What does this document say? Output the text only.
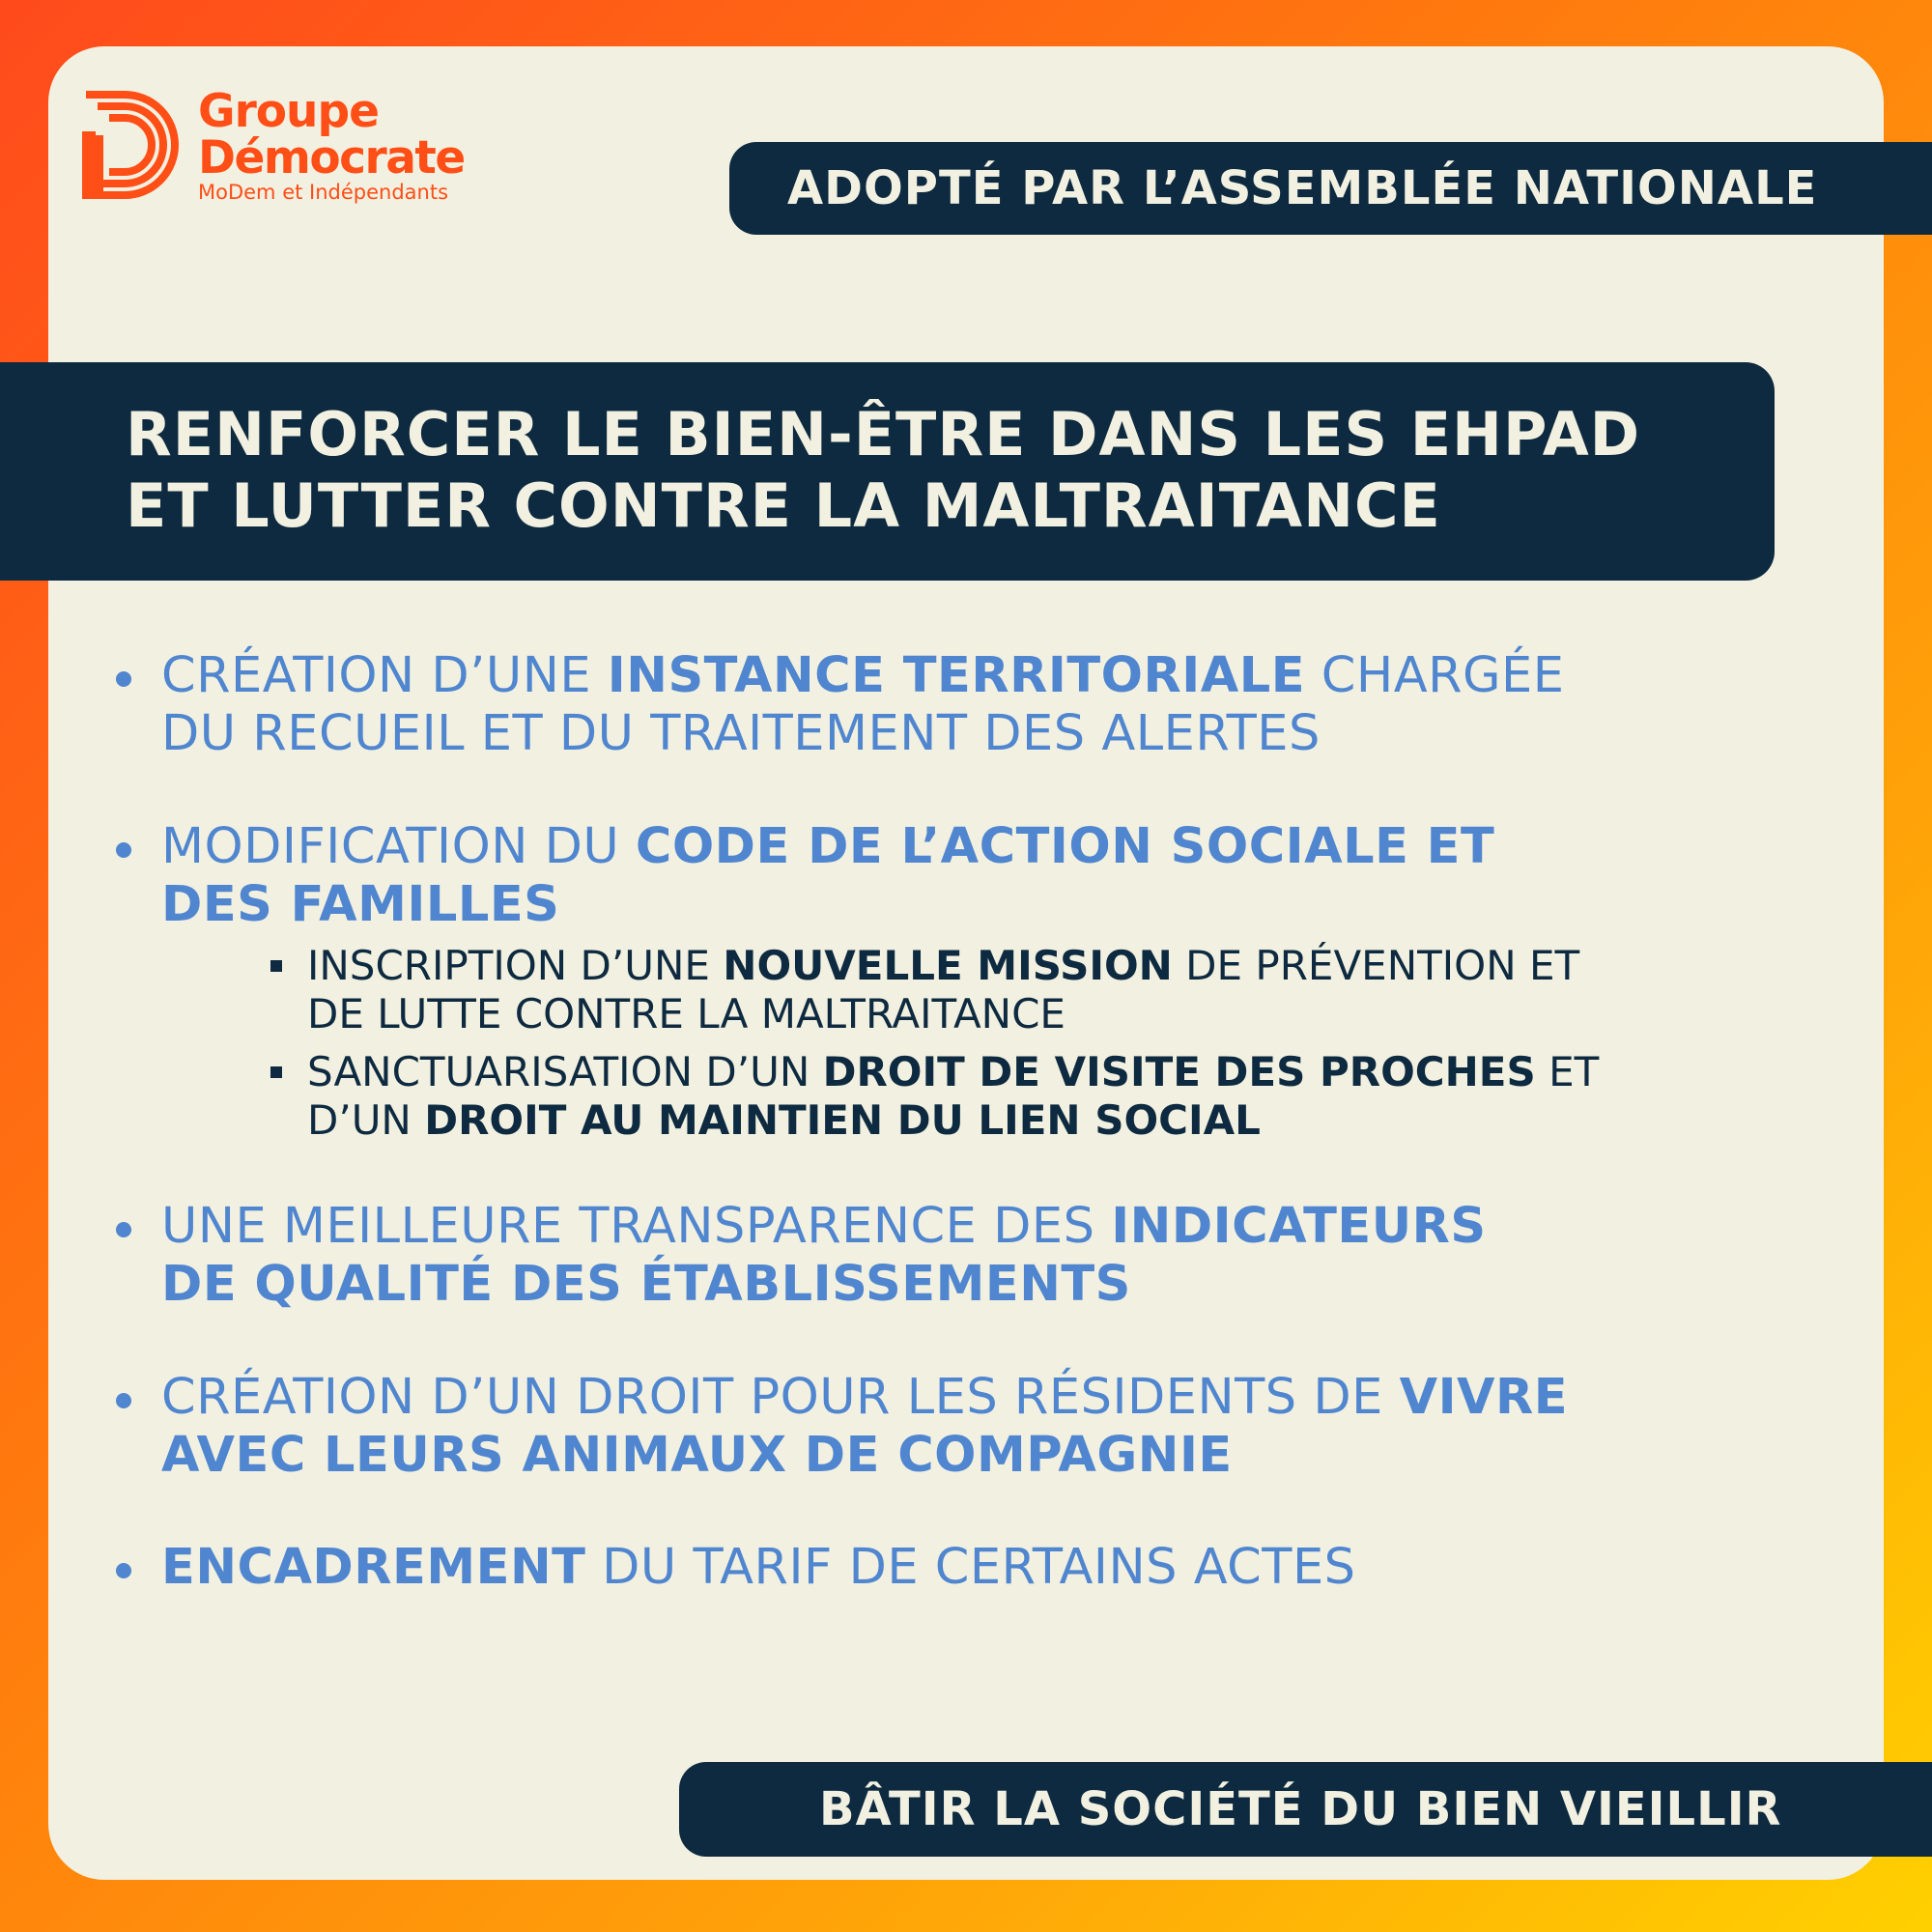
Groupe
Démocrate
MoDem et Indépendants	ADOPTÉ PAR L’ASSEMBLÉE NATIONALE
RENFORCER LE BIEN-ÊTRE DANS LES EHPAD
ET LUTTER CONTRE LA MALTRAITANCE
CRÉATION D’UNE INSTANCE TERRITORIALE CHARGÉE
DU RECUEIL ET DU TRAITEMENT DES ALERTES
MODIFICATION DU CODE DE L’ACTION SOCIALE ET
DES FAMILLES
INSCRIPTION D’UNE NOUVELLE MISSION DE PRÉVENTION ET
DE LUTTE CONTRE LA MALTRAITANCE
SANCTUARISATION D’UN DROIT DE VISITE DES PROCHES ET
D’UN DROIT AU MAINTIEN DU LIEN SOCIAL
UNE MEILLEURE TRANSPARENCE DES INDICATEURS
DE QUALITÉ DES ÉTABLISSEMENTS
CRÉATION D’UN DROIT POUR LES RÉSIDENTS DE VIVRE
AVEC LEURS ANIMAUX DE COMPAGNIE
ENCADREMENT DU TARIF DE CERTAINS ACTES
BÂTIR LA SOCIÉTÉ DU BIEN VIEILLIR
